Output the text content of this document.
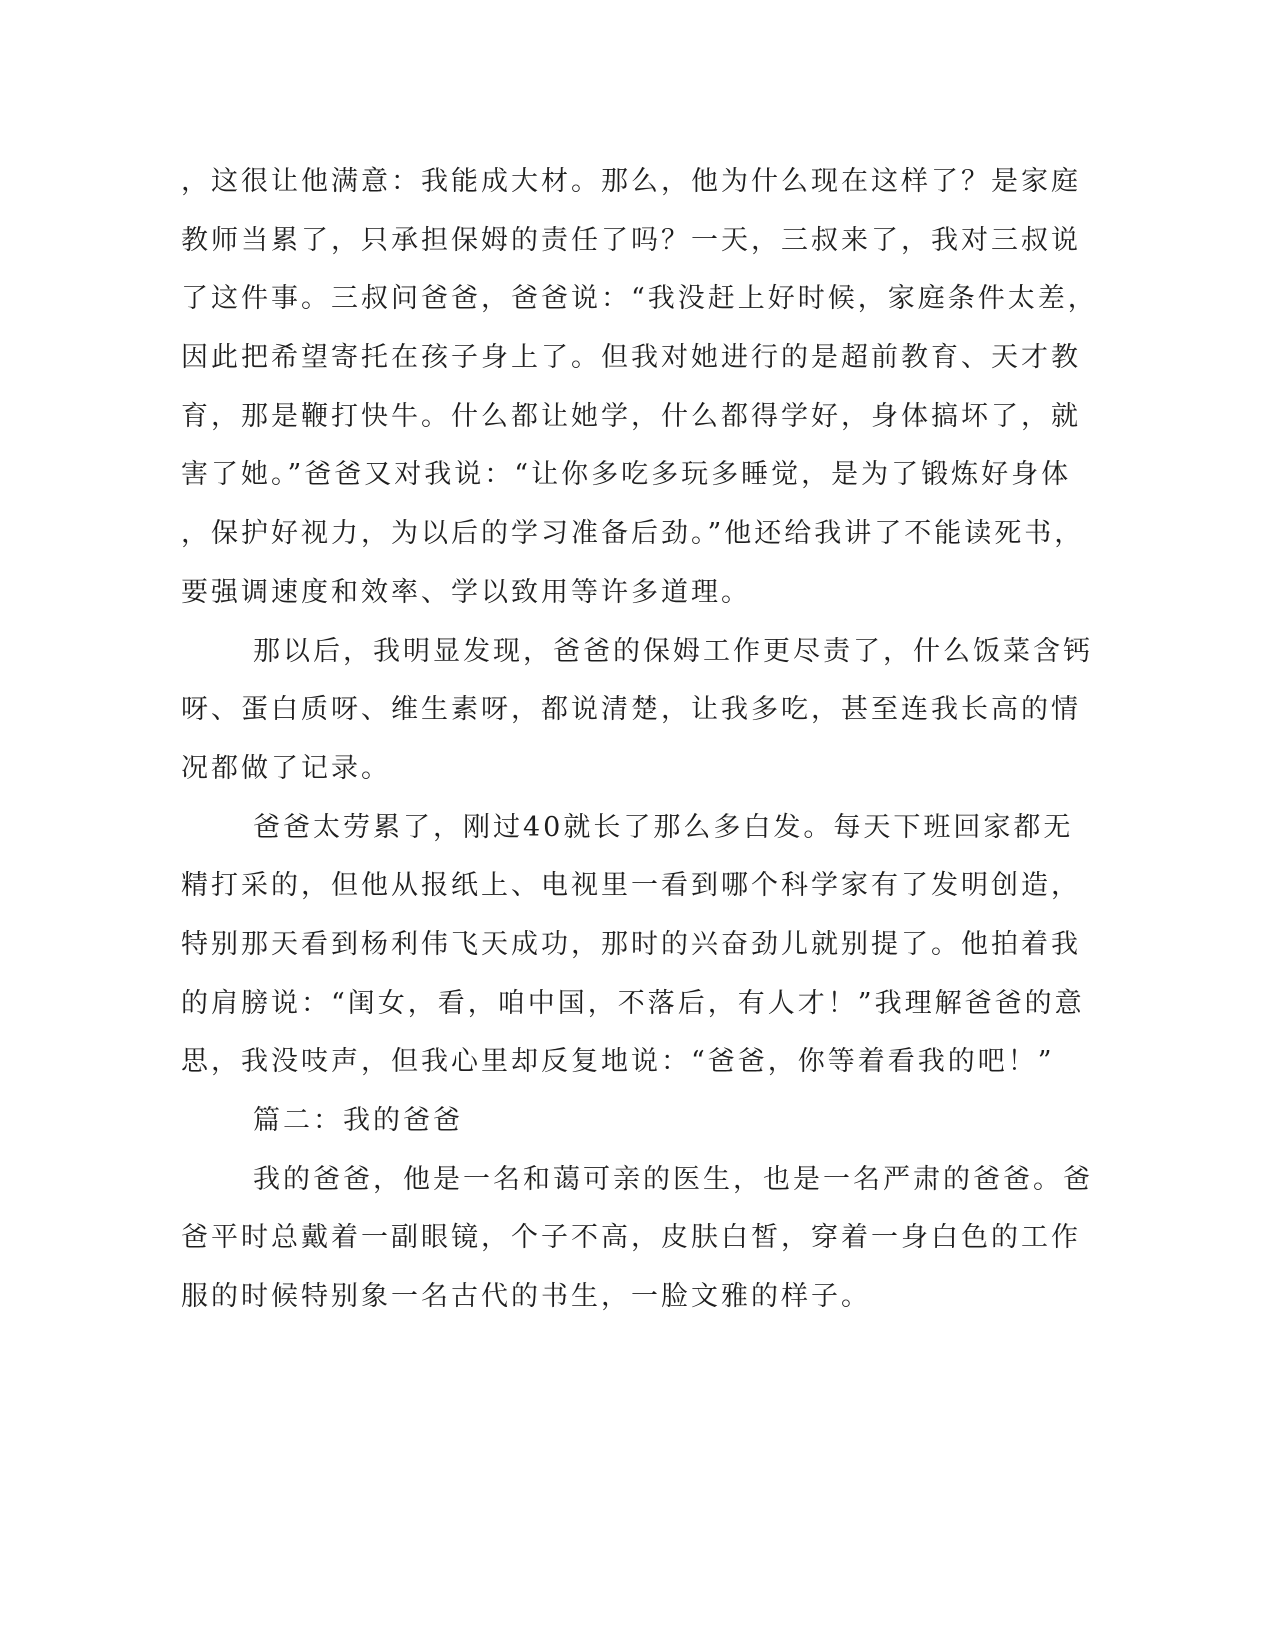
，这很让他满意：我能成大材。那么，他为什么现在这样了？是家庭
教师当累了，只承担保姆的责任了吗？一天，三叔来了，我对三叔说
了这件事。三叔问爸爸，爸爸说：“我没赶上好时候，家庭条件太差，
因此把希望寄托在孩子身上了。但我对她进行的是超前教育、天才教
育，那是鞭打快牛。什么都让她学，什么都得学好，身体搞坏了，就
害了她。”爸爸又对我说：“让你多吃多玩多睡觉，是为了锻炼好身体
，保护好视力，为以后的学习准备后劲。”他还给我讲了不能读死书，
要强调速度和效率、学以致用等许多道理。
那以后，我明显发现，爸爸的保姆工作更尽责了，什么饭菜含钙
呀、蛋白质呀、维生素呀，都说清楚，让我多吃，甚至连我长高的情
况都做了记录。
爸爸太劳累了，刚过40就长了那么多白发。每天下班回家都无
精打采的，但他从报纸上、电视里一看到哪个科学家有了发明创造，
特别那天看到杨利伟飞天成功，那时的兴奋劲儿就别提了。他拍着我
的肩膀说：“闺女，看，咱中国，不落后，有人才！”我理解爸爸的意
思，我没吱声，但我心里却反复地说：“爸爸，你等着看我的吧！”
篇二：我的爸爸
我的爸爸，他是一名和蔼可亲的医生，也是一名严肃的爸爸。爸
爸平时总戴着一副眼镜，个子不高，皮肤白皙，穿着一身白色的工作
服的时候特别象一名古代的书生，一脸文雅的样子。
